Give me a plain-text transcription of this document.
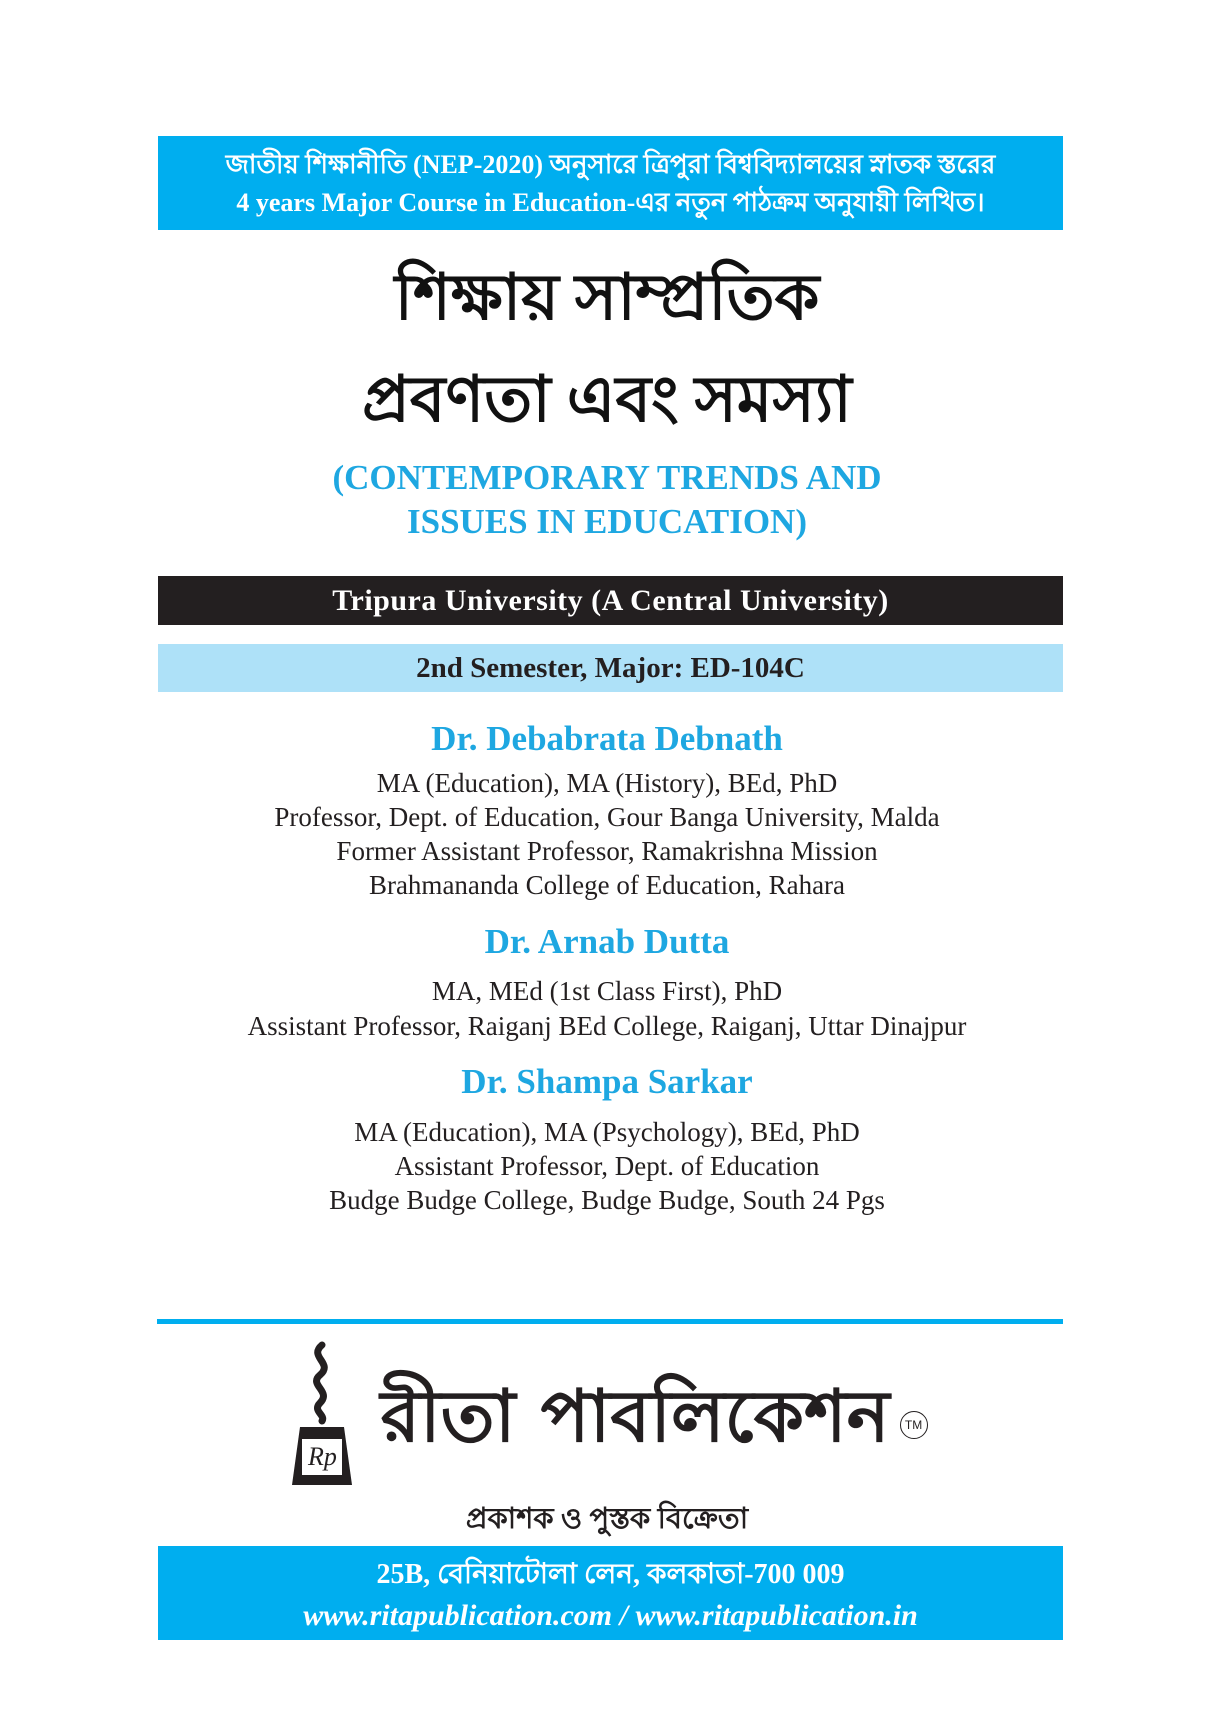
জাতীয় শিক্ষানীতি (NEP-2020) অনুসারে ত্রিপুরা বিশ্ববিদ্যালয়ের স্নাতক স্তরের
4 years Major Course in Education-এর নতুন পাঠক্রম অনুযায়ী লিখিত।
শিক্ষায় সাম্প্রতিক
প্রবণতা এবং সমস্যা
(CONTEMPORARY TRENDS AND
ISSUES IN EDUCATION)
Tripura University (A Central University)
2nd Semester, Major: ED-104C
Dr. Debabrata Debnath
MA (Education), MA (History), BEd, PhD
Professor, Dept. of Education, Gour Banga University, Malda
Former Assistant Professor, Ramakrishna Mission
Brahmananda College of Education, Rahara
Dr. Arnab Dutta
MA, MEd (1st Class First), PhD
Assistant Professor, Raiganj BEd College, Raiganj, Uttar Dinajpur
Dr. Shampa Sarkar
MA (Education), MA (Psychology), BEd, PhD
Assistant Professor, Dept. of Education
Budge Budge College, Budge Budge, South 24 Pgs
Rp রীতা পাবলিকেশন	TM
প্রকাশক ও পুস্তক বিক্রেতা
25B, বেনিয়াটোলা লেন, কলকাতা-700 009
www.ritapublication.com / www.ritapublication.in
